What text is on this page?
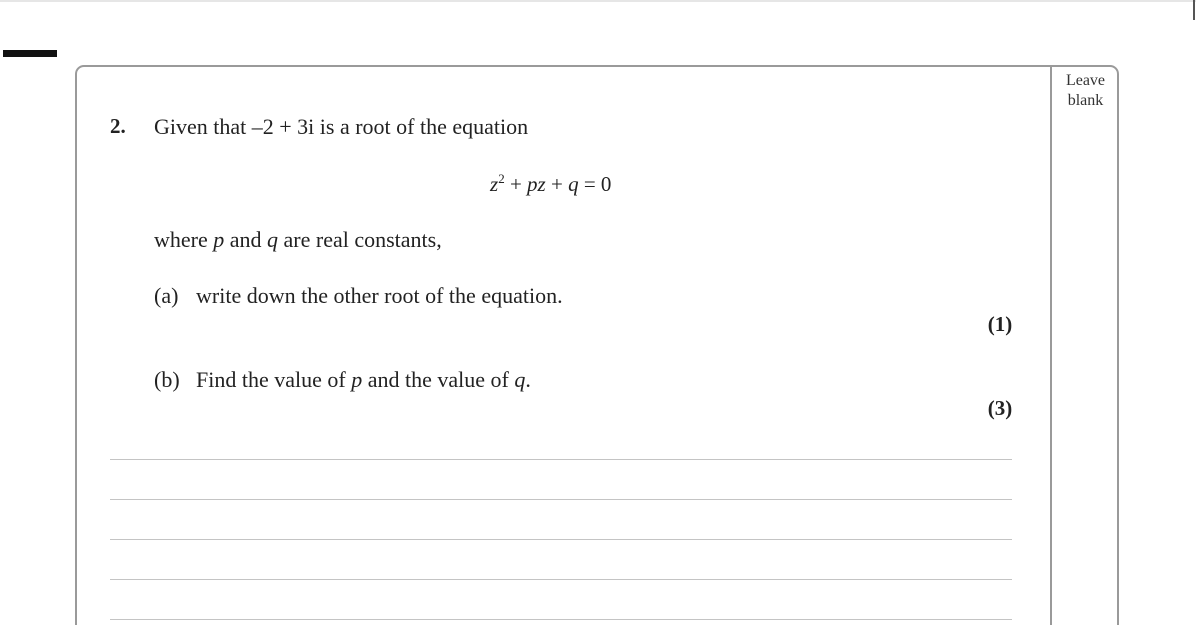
Leave
blank
2. Given that –2 + 3i is a root of the equation
$z^2$ + pz + q = 0
where p and q are real constants,
(a) write down the other root of the equation.
(1)
(b) Find the value of p and the value of q.
(3)
